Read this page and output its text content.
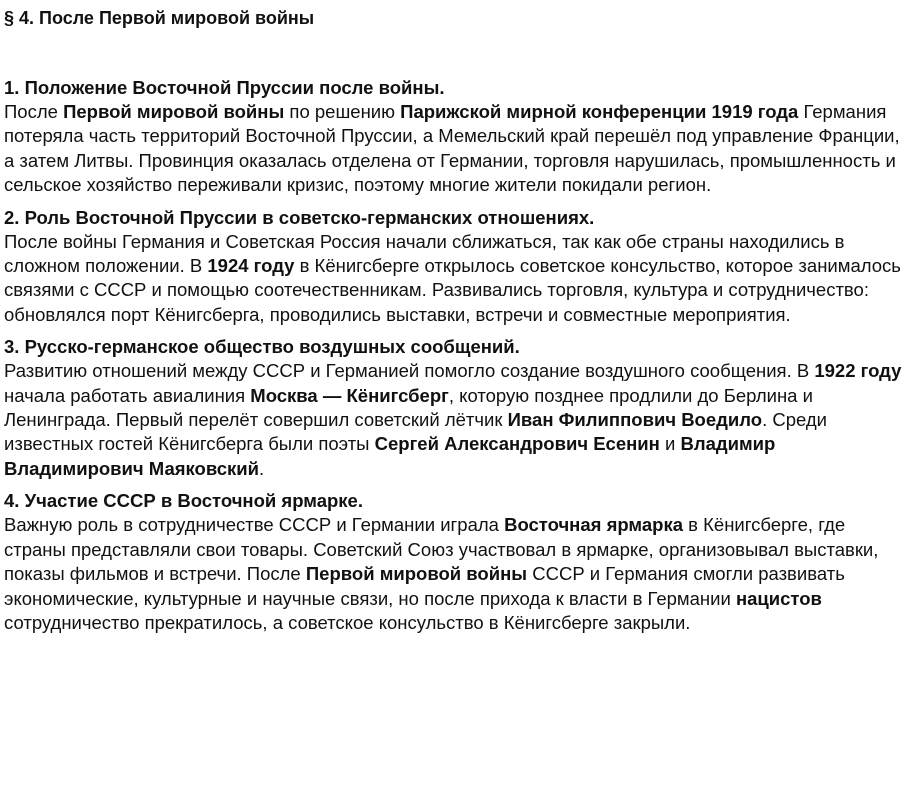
§ 4. После Первой мировой войны
1. Положение Восточной Пруссии после войны.
После Первой мировой войны по решению Парижской мирной конференции 1919 года Германия потеряла часть территорий Восточной Пруссии, а Мемельский край перешёл под управление Франции, а затем Литвы. Провинция оказалась отделена от Германии, торговля нарушилась, промышленность и сельское хозяйство переживали кризис, поэтому многие жители покидали регион.
2. Роль Восточной Пруссии в советско-германских отношениях.
После войны Германия и Советская Россия начали сближаться, так как обе страны находились в сложном положении. В 1924 году в Кёнигсберге открылось советское консульство, которое занималось связями с СССР и помощью соотечественникам. Развивались торговля, культура и сотрудничество: обновлялся порт Кёнигсберга, проводились выставки, встречи и совместные мероприятия.
3. Русско-германское общество воздушных сообщений.
Развитию отношений между СССР и Германией помогло создание воздушного сообщения. В 1922 году начала работать авиалиния Москва — Кёнигсберг, которую позднее продлили до Берлина и Ленинграда. Первый перелёт совершил советский лётчик Иван Филиппович Воедило. Среди известных гостей Кёнигсберга были поэты Сергей Александрович Есенин и Владимир Владимирович Маяковский.
4. Участие СССР в Восточной ярмарке.
Важную роль в сотрудничестве СССР и Германии играла Восточная ярмарка в Кёнигсберге, где страны представляли свои товары. Советский Союз участвовал в ярмарке, организовывал выставки, показы фильмов и встречи. После Первой мировой войны СССР и Германия смогли развивать экономические, культурные и научные связи, но после прихода к власти в Германии нацистов сотрудничество прекратилось, а советское консульство в Кёнигсберге закрыли.
